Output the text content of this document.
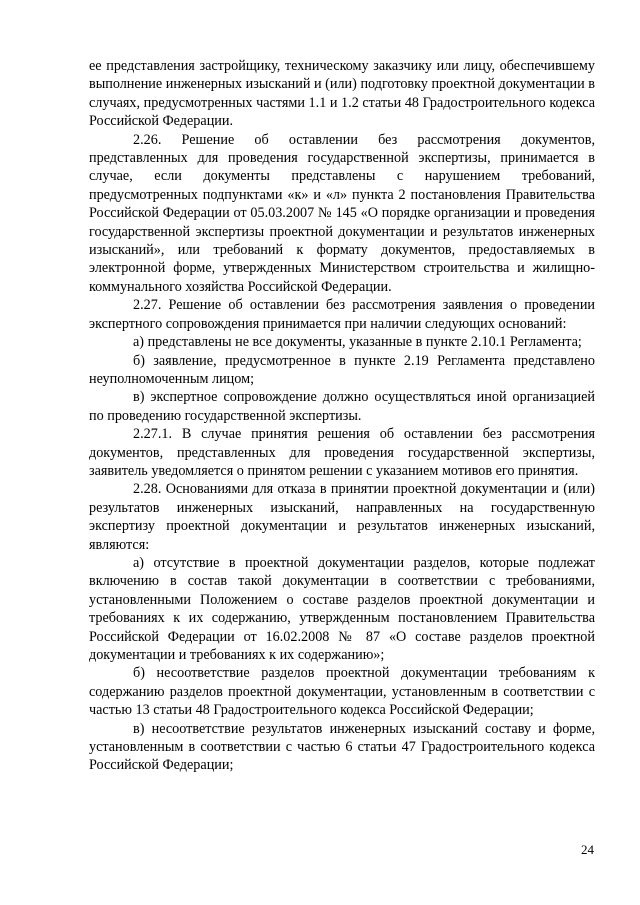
ее представления застройщику, техническому заказчику или лицу, обеспечившему выполнение инженерных изысканий и (или) подготовку проектной документации в случаях, предусмотренных частями 1.1 и 1.2 статьи 48 Градостроительного кодекса Российской Федерации.

2.26. Решение об оставлении без рассмотрения документов, представленных для проведения государственной экспертизы, принимается в случае, если документы представлены с нарушением требований, предусмотренных подпунктами «к» и «л» пункта 2 постановления Правительства Российской Федерации от 05.03.2007 № 145 «О порядке организации и проведения государственной экспертизы проектной документации и результатов инженерных изысканий», или требований к формату документов, предоставляемых в электронной форме, утвержденных Министерством строительства и жилищно-коммунального хозяйства Российской Федерации.

2.27. Решение об оставлении без рассмотрения заявления о проведении экспертного сопровождения принимается при наличии следующих оснований:

а) представлены не все документы, указанные в пункте 2.10.1 Регламента;

б) заявление, предусмотренное в пункте 2.19 Регламента представлено неуполномоченным лицом;

в) экспертное сопровождение должно осуществляться иной организацией по проведению государственной экспертизы.

2.27.1. В случае принятия решения об оставлении без рассмотрения документов, представленных для проведения государственной экспертизы, заявитель уведомляется о принятом решении с указанием мотивов его принятия.

2.28. Основаниями для отказа в принятии проектной документации и (или) результатов инженерных изысканий, направленных на государственную экспертизу проектной документации и результатов инженерных изысканий, являются:

а) отсутствие в проектной документации разделов, которые подлежат включению в состав такой документации в соответствии с требованиями, установленными Положением о составе разделов проектной документации и требованиях к их содержанию, утвержденным постановлением Правительства Российской Федерации от 16.02.2008 № 87 «О составе разделов проектной документации и требованиях к их содержанию»;

б) несоответствие разделов проектной документации требованиям к содержанию разделов проектной документации, установленным в соответствии с частью 13 статьи 48 Градостроительного кодекса Российской Федерации;

в) несоответствие результатов инженерных изысканий составу и форме, установленным в соответствии с частью 6 статьи 47 Градостроительного кодекса Российской Федерации;

24
